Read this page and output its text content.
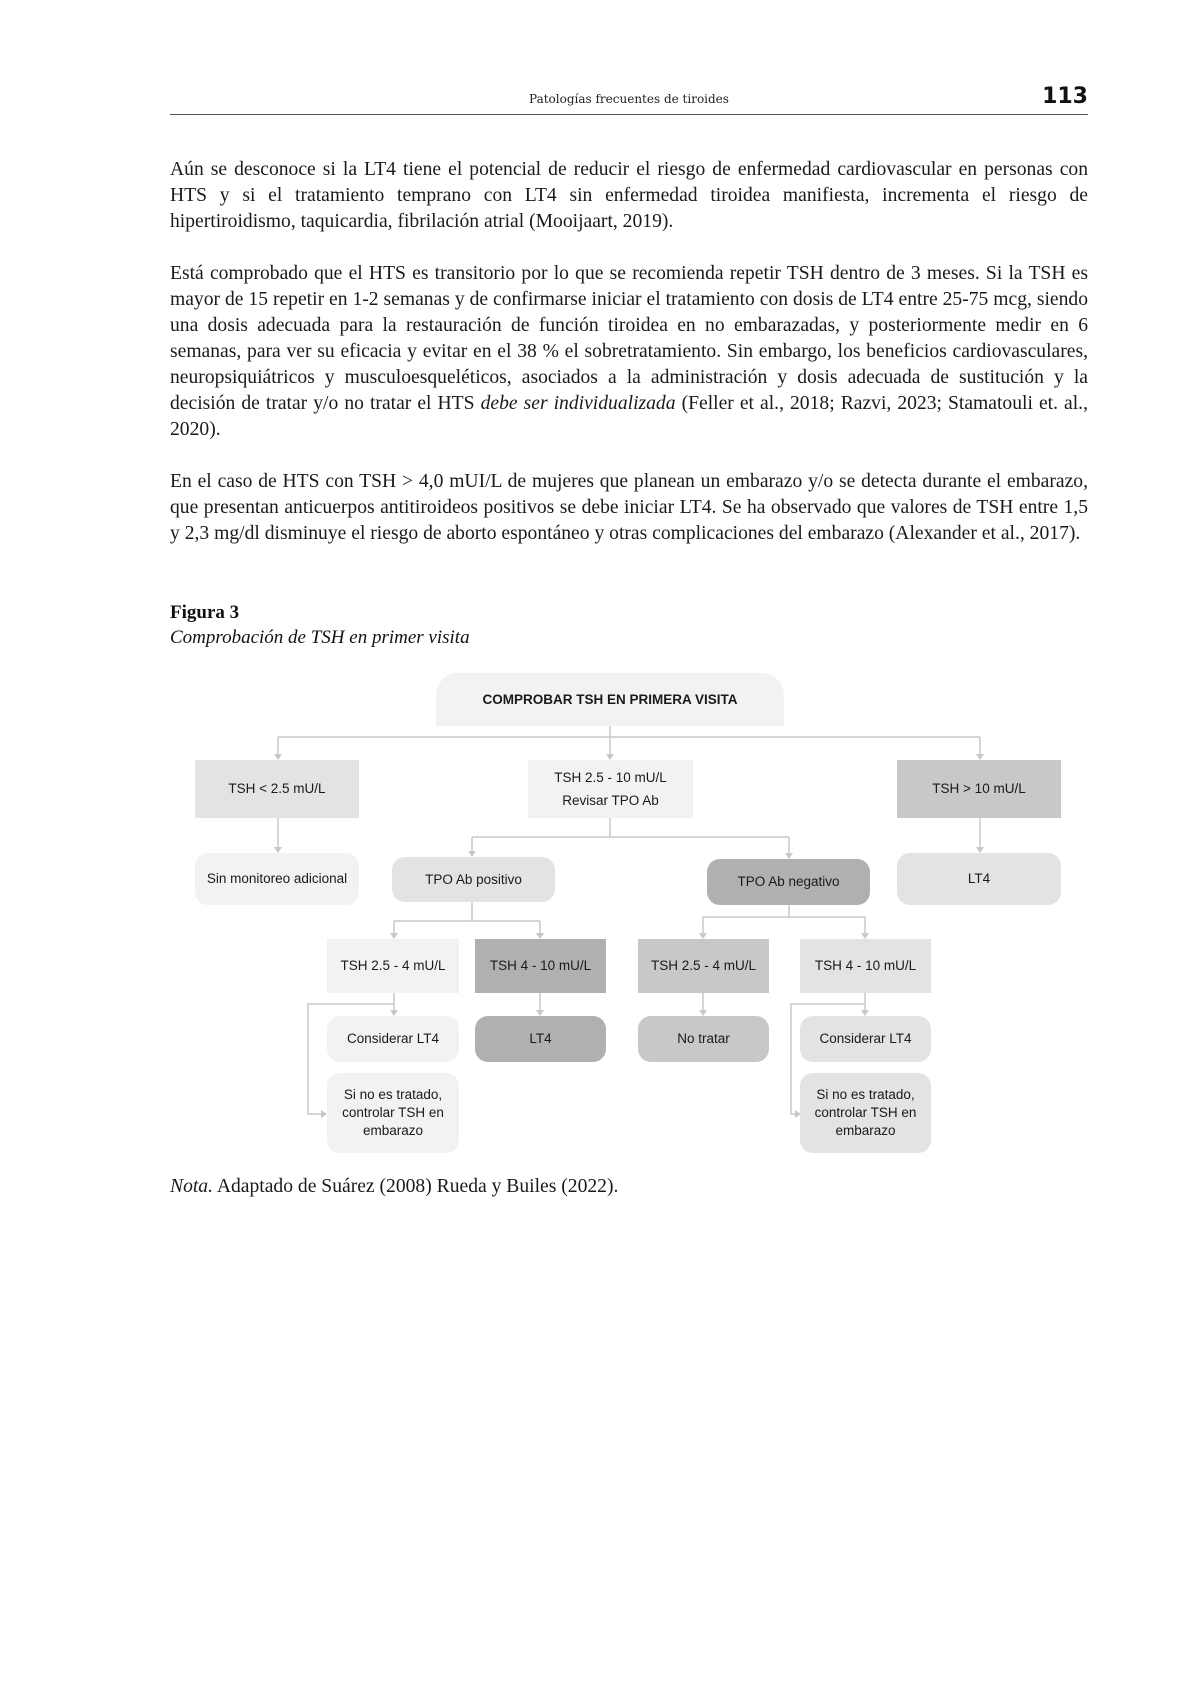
Patologías frecuentes de tiroides	113

Aún se desconoce si la LT4 tiene el potencial de reducir el riesgo de enfermedad cardiovascular en personas con HTS y si el tratamiento temprano con LT4 sin enfermedad tiroidea manifiesta, incrementa el riesgo de hipertiroidismo, taquicardia, fibrilación atrial (Mooijaart, 2019).

Está comprobado que el HTS es transitorio por lo que se recomienda repetir TSH dentro de 3 meses. Si la TSH es mayor de 15 repetir en 1-2 semanas y de confirmarse iniciar el tratamiento con dosis de LT4 entre 25-75 mcg, siendo una dosis adecuada para la restauración de función tiroidea en no embarazadas, y posteriormente medir en 6 semanas, para ver su eficacia y evitar en el 38 % el sobretratamiento. Sin embargo, los beneficios cardiovasculares, neuropsiquiátricos y musculoesqueléticos, asociados a la administración y dosis adecuada de sustitución y la decisión de tratar y/o no tratar el HTS debe ser individualizada (Feller et al., 2018; Razvi, 2023; Stamatouli et. al., 2020).

En el caso de HTS con TSH > 4,0 mUI/L de mujeres que planean un embarazo y/o se detecta durante el embarazo, que presentan anticuerpos antitiroideos positivos se debe iniciar LT4. Se ha observado que valores de TSH entre 1,5 y 2,3 mg/dl disminuye el riesgo de aborto espontáneo y otras complicaciones del embarazo (Alexander et al., 2017).

Figura 3
Comprobación de TSH en primer visita
COMPROBAR TSH EN PRIMERA VISITA
TSH < 2.5 mU/L
TSH 2.5 - 10 mU/L
Revisar TPO Ab
TSH > 10 mU/L
Sin monitoreo adicional	TPO Ab positivo	TPO Ab negativo	LT4
TSH 2.5 - 4 mU/L	TSH 4 - 10 mU/L	TSH 2.5 - 4 mU/L	TSH 4 - 10 mU/L
Considerar LT4	LT4	No tratar	Considerar LT4
Si no es tratado,
controlar TSH en
embarazo
Si no es tratado,
controlar TSH en
embarazo
Nota. Adaptado de Suárez (2008) Rueda y Builes (2022).
